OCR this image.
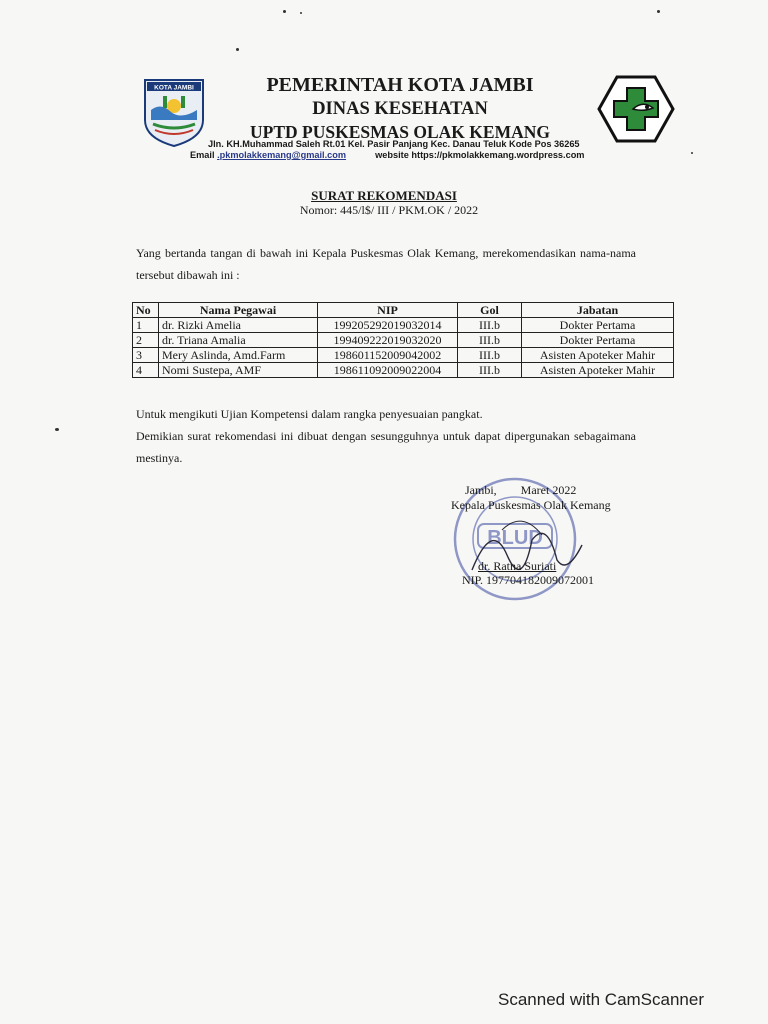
KOTA JAMBI	PEMERINTAH KOTA JAMBI
DINAS KESEHATAN
UPTD PUSKESMAS OLAK KEMANG
Jln. KH.Muhammad Saleh Rt.01 Kel. Pasir Panjang Kec. Danau Teluk Kode Pos 36265
Email .pkmolakkemang@gmail.com	website https://pkmolakkemang.wordpress.com
SURAT REKOMENDASI
Nomor: 445/l$/ III / PKM.OK / 2022
Yang bertanda tangan di bawah ini Kepala Puskesmas Olak Kemang, merekomendasikan nama-nama tersebut dibawah ini :
No	Nama Pegawai	NIP	Gol	Jabatan
1	dr. Rizki Amelia	199205292019032014	III.b	Dokter Pertama
2	dr. Triana Amalia	199409222019032020	III.b	Dokter Pertama
3	Mery Aslinda, Amd.Farm	198601152009042002	III.b	Asisten Apoteker Mahir
4	Nomi Sustepa, AMF	198611092009022004	III.b	Asisten Apoteker Mahir
Untuk mengikuti Ujian Kompetensi dalam rangka penyesuaian pangkat.
Demikian surat rekomendasi ini dibuat dengan sesungguhnya untuk dapat dipergunakan sebagaimana mestinya.
BLUD
Jambi,        Maret 2022
Kepala Puskesmas Olak Kemang
dr. Ratna Suriati
NIP. 197704182009072001
Scanned with CamScanner
